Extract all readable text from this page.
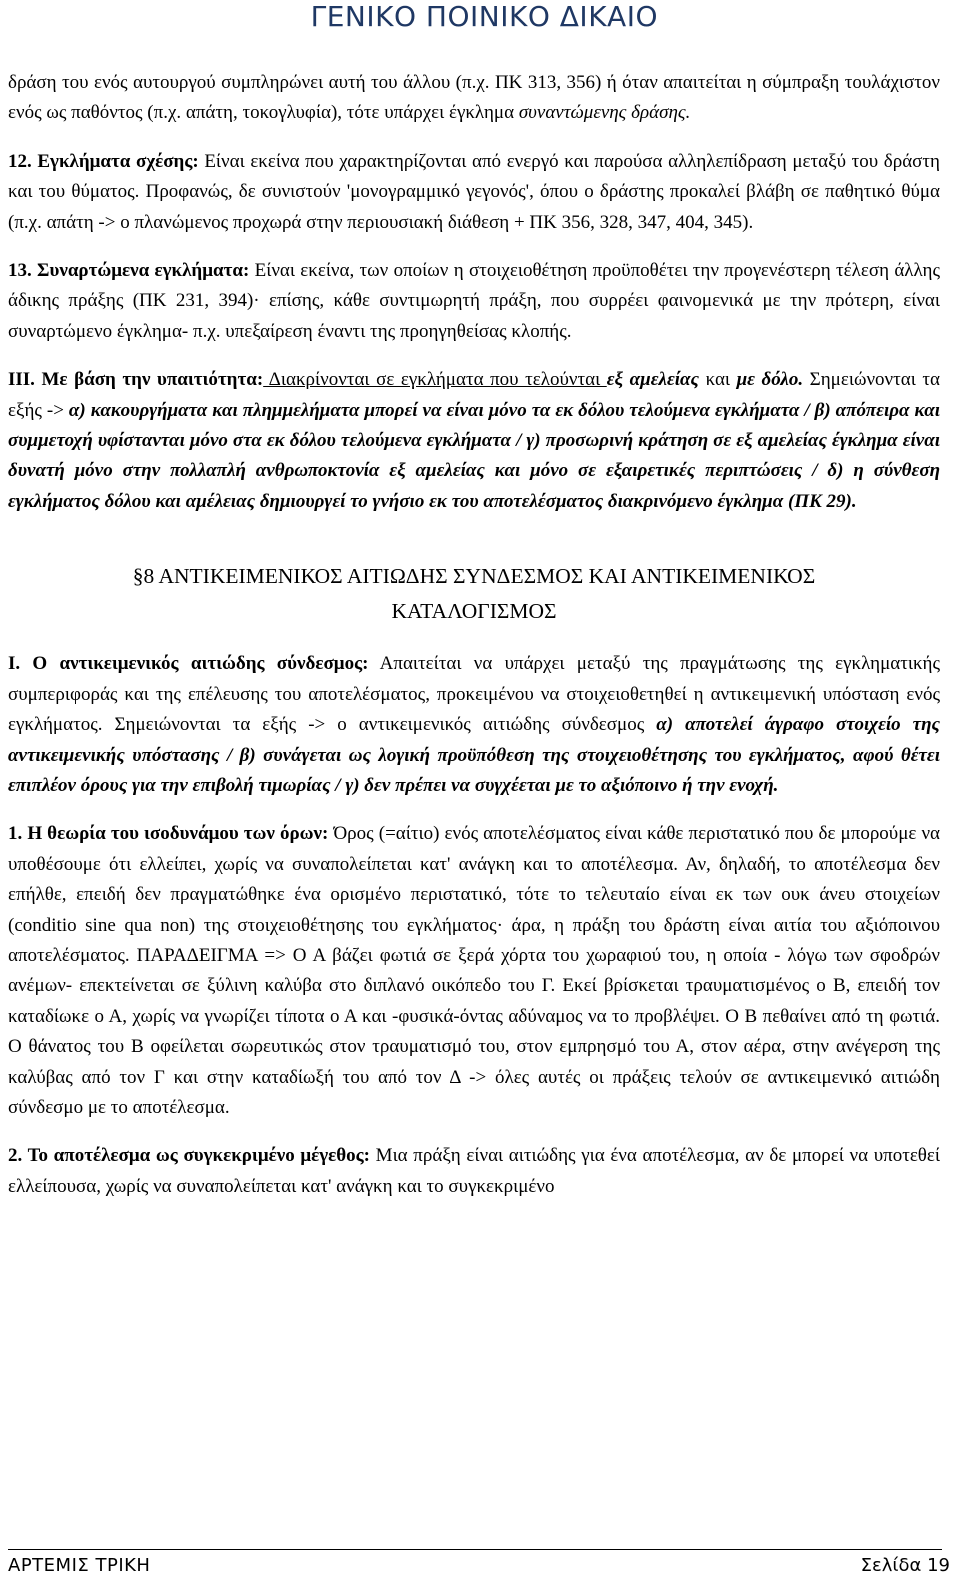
ΓΕΝΙΚΟ ΠΟΙΝΙΚΟ ΔΙΚΑΙΟ

δράση του ενός αυτουργού συμπληρώνει αυτή του άλλου (π.χ. ΠΚ 313, 356) ή όταν απαιτείται η σύμπραξη τουλάχιστον ενός ως παθόντος (π.χ. απάτη, τοκογλυφία), τότε υπάρχει έγκλημα συναντώμενης δράσης.

12. Εγκλήματα σχέσης: Είναι εκείνα που χαρακτηρίζονται από ενεργό και παρούσα αλληλεπίδραση μεταξύ του δράστη και του θύματος. Προφανώς, δε συνιστούν 'μονογραμμικό γεγονός', όπου ο δράστης προκαλεί βλάβη σε παθητικό θύμα (π.χ. απάτη -> ο πλανώμενος προχωρά στην περιουσιακή διάθεση + ΠΚ 356, 328, 347, 404, 345).

13. Συναρτώμενα εγκλήματα: Είναι εκείνα, των οποίων η στοιχειοθέτηση προϋποθέτει την προγενέστερη τέλεση άλλης άδικης πράξης (ΠΚ 231, 394)· επίσης, κάθε συντιμωρητή πράξη, που συρρέει φαινομενικά με την πρότερη, είναι συναρτώμενο έγκλημα- π.χ. υπεξαίρεση έναντι της προηγηθείσας κλοπής.

ΙΙΙ. Με βάση την υπαιτιότητα: Διακρίνονται σε εγκλήματα που τελούνται εξ αμελείας και με δόλο. Σημειώνονται τα εξής -> α) κακουργήματα και πλημμελήματα μπορεί να είναι μόνο τα εκ δόλου τελούμενα εγκλήματα / β) απόπειρα και συμμετοχή υφίστανται μόνο στα εκ δόλου τελούμενα εγκλήματα / γ) προσωρινή κράτηση σε εξ αμελείας έγκλημα είναι δυνατή μόνο στην πολλαπλή ανθρωποκτονία εξ αμελείας και μόνο σε εξαιρετικές περιπτώσεις / δ) η σύνθεση εγκλήματος δόλου και αμέλειας δημιουργεί το γνήσιο εκ του αποτελέσματος διακρινόμενο έγκλημα (ΠΚ 29).

§8 ΑΝΤΙΚΕΙΜΕΝΙΚΟΣ ΑΙΤΙΩΔΗΣ ΣΥΝΔΕΣΜΟΣ ΚΑΙ ΑΝΤΙΚΕΙΜΕΝΙΚΟΣ
ΚΑΤΑΛΟΓΙΣΜΟΣ

Ι. Ο αντικειμενικός αιτιώδης σύνδεσμος: Απαιτείται να υπάρχει μεταξύ της πραγμάτωσης της εγκληματικής συμπεριφοράς και της επέλευσης του αποτελέσματος, προκειμένου να στοιχειοθετηθεί η αντικειμενική υπόσταση ενός εγκλήματος. Σημειώνονται τα εξής -> ο αντικειμενικός αιτιώδης σύνδεσμος α) αποτελεί άγραφο στοιχείο της αντικειμενικής υπόστασης / β) συνάγεται ως λογική προϋπόθεση της στοιχειοθέτησης του εγκλήματος, αφού θέτει επιπλέον όρους για την επιβολή τιμωρίας / γ) δεν πρέπει να συγχέεται με το αξιόποινο ή την ενοχή.

1. Η θεωρία του ισοδυνάμου των όρων: Όρος (=αίτιο) ενός αποτελέσματος είναι κάθε περιστατικό που δε μπορούμε να υποθέσουμε ότι ελλείπει, χωρίς να συναπολείπεται κατ' ανάγκη και το αποτέλεσμα. Αν, δηλαδή, το αποτέλεσμα δεν επήλθε, επειδή δεν πραγματώθηκε ένα ορισμένο περιστατικό, τότε το τελευταίο είναι εκ των ουκ άνευ στοιχείων (conditio sine qua non) της στοιχειοθέτησης του εγκλήματος· άρα, η πράξη του δράστη είναι αιτία του αξιόποινου αποτελέσματος. ΠΑΡΑΔΕΙΓΜΑ => Ο Α βάζει φωτιά σε ξερά χόρτα του χωραφιού του, η οποία - λόγω των σφοδρών ανέμων- επεκτείνεται σε ξύλινη καλύβα στο διπλανό οικόπεδο του Γ. Εκεί βρίσκεται τραυματισμένος ο Β, επειδή τον καταδίωκε ο Α, χωρίς να γνωρίζει τίποτα ο Α και -φυσικά-όντας αδύναμος να το προβλέψει. Ο Β πεθαίνει από τη φωτιά. Ο θάνατος του Β οφείλεται σωρευτικώς στον τραυματισμό του, στον εμπρησμό του Α, στον αέρα, στην ανέγερση της καλύβας από τον Γ και στην καταδίωξή του από τον Δ -> όλες αυτές οι πράξεις τελούν σε αντικειμενικό αιτιώδη σύνδεσμο με το αποτέλεσμα.

2. Το αποτέλεσμα ως συγκεκριμένο μέγεθος: Μια πράξη είναι αιτιώδης για ένα αποτέλεσμα, αν δε μπορεί να υποτεθεί ελλείπουσα, χωρίς να συναπολείπεται κατ' ανάγκη και το συγκεκριμένο

ΑΡΤΕΜΙΣ ΤΡΙΚΗ	Σελίδα 19
